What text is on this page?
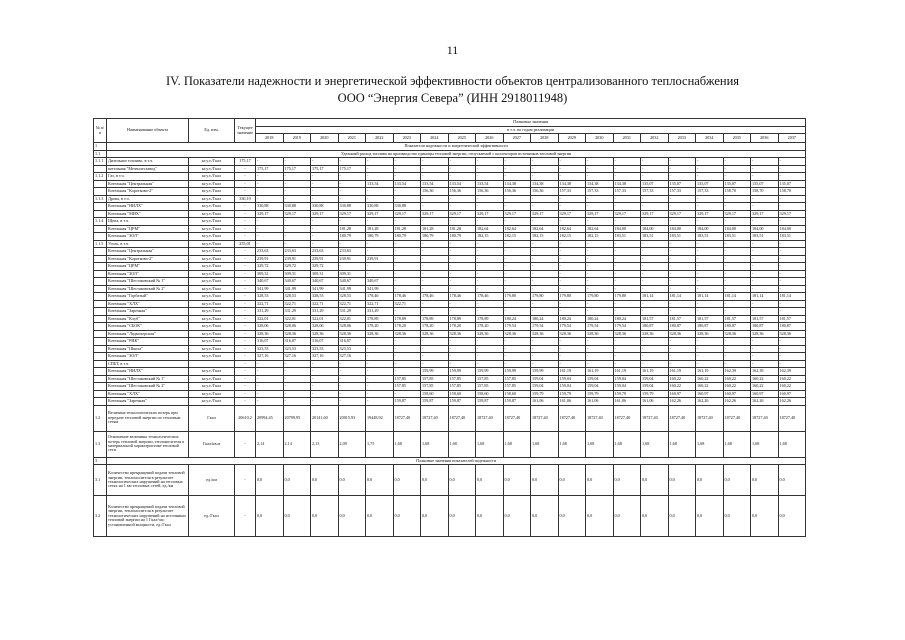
11
IV. Показатели надежности и энергетической эффективности объектов централизованного теплоснабжения
ООО “Энергия Севера” (ИНН 2918011948)
№ п/п	Наименование объекта	Ед. изм.	Текущее значение	Плановые значения																			
				в т.ч. по годам реализации																			
				2018	2019	2020	2021	2022	2023	2024	2025	2026	2027	2028	2029	2030	2031	2032	2033	2034	2035	2036	2037
1	Показатели надежности и энергетической эффективности																						
1.1	Удельный расход топлива на производство единицы тепловой энергии, отпускаемой с коллекторов источников тепловой энергии																						
1.1.1	Дизельное топливо, в т.ч.	кг.у.т./Гкал	175,17	-	-	-	-	-	-	-	-	-	-	-	-	-	-	-	-	-	-	-	-
	котельная "Мезенлесзавод"	кг.у.т./Гкал	-	175,17	175,17	175,17	175,17	-	-	-	-	-	-	-	-	-	-	-	-	-	-	-	-
1.1.2	Газ, в т.ч.	кг.у.т./Гкал	-	-	-	-	-	-	-	-	-	-	-	-	-	-	-	-	-	-	-	-	-
	Котельная "Центральная"	кг.у.т./Гкал	-	-	-	-	-	133,54	133,54	133,54	133,54	133,54	134,38	134,38	134,38	134,38	134,38	135,07	135,07	135,07	135,07	135,07	135,07
	Котельная "Коротково-2"	кг.у.т./Гкал	-	-	-	-	-	-	-	156,36	156,36	156,36	156,36	156,36	157,33	157,33	157,33	157,33	157,33	157,33	158,70	158,70	158,70
1.1.3	Дрова, в т.ч.	кг.у.т./Гкал	330,19	-	-	-	-	-	-	-	-	-	-	-	-	-	-	-	-	-	-	-	-
	Котельная "НИЛХ"	кг.у.т./Гкал	-	330,88	330,88	330,88	330,88	330,88	330,88	-	-	-	-	-	-	-	-	-	-	-	-	-	-
	Котельная "МИХ"	кг.у.т./Гкал	-	329,17	329,17	329,17	329,17	329,17	329,17	329,17	329,17	329,17	329,17	329,17	329,17	329,17	329,17	329,17	329,17	329,17	329,17	329,17	329,17
1.1.4	Щепа, в т.ч.	кг.у.т./Гкал	-	-	-	-	-	-	-	-	-	-	-	-	-	-	-	-	-	-	-	-	-
	Котельная "ЦРМ"	кг.у.т./Гкал	-	-	-	-	181,28	181,28	181,28	181,28	181,28	182,64	182,64	182,64	182,64	182,64	184,00	184,00	184,00	184,00	184,00	184,00	184,00
	Котельная "ЗОЛ"	кг.у.т./Гкал	-	-	-	-	180,79	180,79	180,79	180,79	180,79	182,15	182,15	182,15	182,15	182,15	183,51	183,51	183,51	183,51	183,51	183,51	183,51
1.1.5	Уголь, в т.ч.	кг.у.т./Гкал	255,01	-	-	-	-	-	-	-	-	-	-	-	-	-	-	-	-	-	-	-	-
	Котельная "Центральная"	кг.у.т./Гкал	-	233,63	233,63	233,63	233,63	-	-	-	-	-	-	-	-	-	-	-	-	-	-	-	-
	Котельная "Коротково-2"	кг.у.т./Гкал	-	239,91	239,91	239,91	239,91	239,91	-	-	-	-	-	-	-	-	-	-	-	-	-	-	-
	Котельная "ЦРМ"	кг.у.т./Гкал	-	329,72	329,72	329,72	-	-	-	-	-	-	-	-	-	-	-	-	-	-	-	-	-
	Котельная "ЗОЛ"	кг.у.т./Гкал	-	309,31	309,31	309,31	309,31	-	-	-	-	-	-	-	-	-	-	-	-	-	-	-	-
	Котельная "Шестаковский № 1"	кг.у.т./Гкал	-	340,67	340,67	340,67	340,67	340,67	-	-	-	-	-	-	-	-	-	-	-	-	-	-	-
	Котельная "Шестаковский № 2"	кг.у.т./Гкал	-	341,99	341,99	341,99	341,99	341,99	-	-	-	-	-	-	-	-	-	-	-	-	-	-	-
	Котельная "Горбатый"	кг.у.т./Гкал	-	328,53	328,53	328,53	328,53	178,46	178,46	178,46	178,46	178,46	179,80	179,80	179,80	179,80	179,80	181,14	181,14	181,14	181,14	181,14	181,14
	Котельная "ХЛХ"	кг.у.т./Гкал	-	322,71	322,71	322,71	322,71	322,71	322,71	-	-	-	-	-	-	-	-	-	-	-	-	-	-
	Котельная "Заречная"	кг.у.т./Гкал	-	331,29	331,29	331,29	331,29	331,29	-	-	-	-	-	-	-	-	-	-	-	-	-	-	-
	Котельная "Клуб"	кг.у.т./Гкал	-	322,01	322,01	322,01	322,01	178,89	178,89	178,89	178,89	178,89	180,24	180,24	180,24	180,24	180,24	181,57	181,57	181,57	181,57	181,57	181,57
	Котельная "СБОК"	кг.у.т./Гкал	-	328,06	328,06	328,06	328,06	178,20	178,20	178,20	178,20	178,20	179,54	179,54	179,54	179,54	179,54	180,87	180,87	180,87	180,87	180,87	180,87
	Котельная "Лодмозерская"	кг.у.т./Гкал	-	328,36	328,36	328,36	328,36	328,36	328,36	328,36	328,36	328,36	328,36	328,36	328,36	328,36	328,36	328,36	328,36	328,36	328,36	328,36	328,36
	Котельная "РИК"	кг.у.т./Гкал	-	316,07	316,07	316,07	316,07	-	-	-	-	-	-	-	-	-	-	-	-	-	-	-	-
	Котельная "Школа"	кг.у.т./Гкал	-	323,53	323,53	323,53	323,53	-	-	-	-	-	-	-	-	-	-	-	-	-	-	-	-
	Котельная "ЗОЛ"	кг.у.т./Гкал	-	327,16	327,16	327,16	327,16	-	-	-	-	-	-	-	-	-	-	-	-	-	-	-	-
	СПБТ, в т.ч.		-	-	-	-	-	-	-	-	-	-	-	-	-	-	-	-	-	-	-	-	-
	Котельная "НИЛХ"	кг.у.т./Гкал	-	-	-	-	-	-	-	159,99	159,99	159,99	159,99	159,99	161,19	161,19	161,19	161,19	161,19	161,19	162,39	162,39	162,39
	Котельная "Шестаковский № 1"	кг.у.т./Гкал	-	-	-	-	-	-	157,85	157,85	157,85	157,85	157,85	159,04	159,04	159,04	159,04	159,04	160,22	160,22	160,22	160,22	160,22
	Котельная "Шестаковский № 2"	кг.у.т./Гкал	-	-	-	-	-	-	157,85	157,85	157,85	157,85	157,85	159,04	159,04	159,04	159,04	159,04	160,22	160,22	160,22	160,22	160,22
	Котельная "ХЛХ"	кг.у.т./Гкал	-	-	-	-	-	-	-	158,60	158,60	158,60	158,60	159,79	159,79	159,79	159,79	159,79	160,97	160,97	160,97	160,97	160,97
	Котельная "Заречная"	кг.у.т./Гкал	-	-	-	-	-	-	159,87	159,87	159,87	159,87	159,87	161,06	161,06	161,06	161,06	161,06	162,26	162,26	162,26	162,26	162,26
1.2	Величина технологических потерь при передаче тепловой энергии по тепловым сетям	Гкал	20610,2	20994,45	20799,95	20141,60	20015,93	19448,92	18727,40	18727,40	18727,40	18727,40	18727,40	18727,40	18727,40	18727,40	18727,40	18727,40	18727,40	18727,40	18727,40	18727,40	18727,40
1.3	Отношение величины технологических потерь тепловой энергии, теплоносителя к материальной характеристике тепловой сети	Гкал/кв.м	-	2,14	2,14	2,13	2,09	1,75	1,68	1,68	1,68	1,68	1,68	1,68	1,68	1,68	1,68	1,68	1,68	1,68	1,68	1,68	1,68
3	Плановые значения показателей надежности																						
3.1	Количество прекращений подачи тепловой энергии, теплоносителя в результате технологических нарушений на тепловых сетях на 1 км тепловых сетей, ед./км	ед./км	-	0,0	0,0	0,0	0,0	0,0	0,0	0,0	0,0	0,0	0,0	0,0	0,0	0,0	0,0	0,0	0,0	0,0	0,0	0,0	0,0
3.2	Количество прекращений подачи тепловой энергии, теплоносителя в результате технологических нарушений на источниках тепловой энергии на 1 Гкал/час установленной мощности, ед./Гкал	ед./Гкал	-	0,0	0,0	0,0	0,0	0,0	0,0	0,0	0,0	0,0	0,0	0,0	0,0	0,0	0,0	0,0	0,0	0,0	0,0	0,0	0,0
